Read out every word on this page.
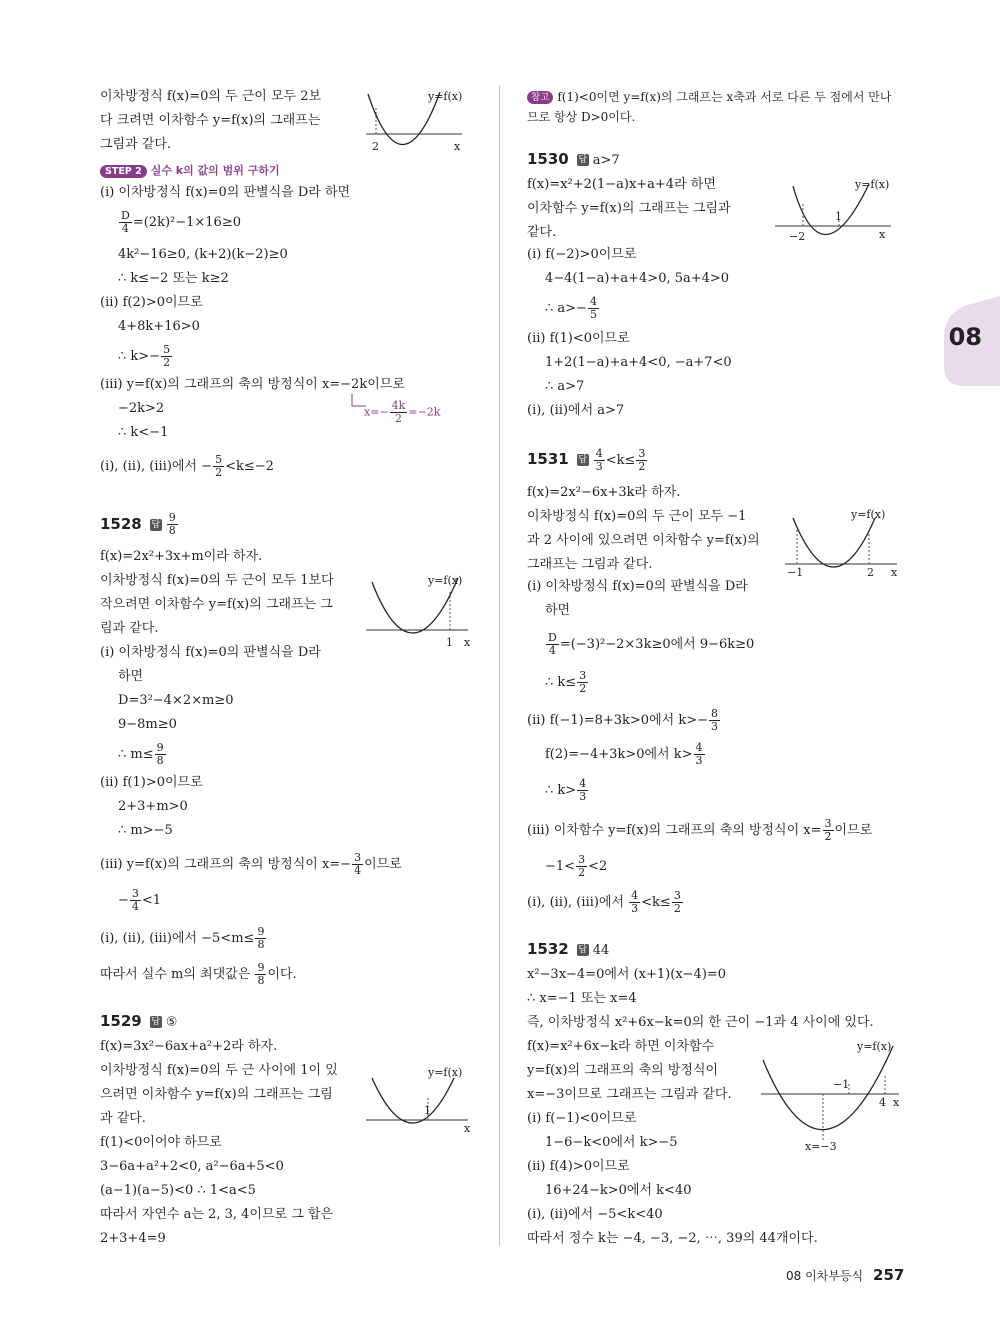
08
이차방정식 f(x)=0의 두 근이 모두 2보
다 크려면 이차함수 y=f(x)의 그래프는
그림과 같다.
y=f(x)
2	x
STEP 2 실수 k의 값의 범위 구하기
(ⅰ) 이차방정식 f(x)=0의 판별식을 D라 하면
$\frac{D}{4} =(2k)^2-1\times 16\ge 0$
4k²−16≥0, (k+2)(k−2)≥0
∴ k≤−2 또는 k≥2
(ⅱ) f(2)>0이므로
4+8k+16>0
∴ $k>- \frac{5}{2}$
(ⅲ) y=f(x)의 그래프의 축의 방정식이 x=−2k이므로
−2k>2	$x=- \frac{4k}{2} =-2k$
∴ k<−1
(ⅰ), (ⅱ), (ⅲ)에서 − $\frac{5}{2} <k\le-2$
1528 답 $\frac{9}{8}$
f(x)=2x²+3x+m이라 하자.
이차방정식 f(x)=0의 두 근이 모두 1보다
작으려면 이차함수 y=f(x)의 그래프는 그
림과 같다.
(ⅰ) 이차방정식 f(x)=0의 판별식을 D라
하면
D=3²−4×2×m≥0
9−8m≥0
∴ $m\le \frac{9}{8}$
(ⅱ) f(1)>0이므로
2+3+m>0
∴ m>−5
(ⅲ) y=f(x)의 그래프의 축의 방정식이 $x=- \frac{3}{4}$ 이므로
− $\frac{3}{4} <1$
(ⅰ), (ⅱ), (ⅲ)에서 $-5<m\le \frac{9}{8}$
따라서 실수 m의 최댓값은 $\frac{9}{8}$ 이다.
y=f(x)
1 x
1529 답 ⑤
f(x)=3x²−6ax+a²+2라 하자.
이차방정식 f(x)=0의 두 근 사이에 1이 있
으려면 이차함수 y=f(x)의 그래프는 그림
과 같다.
f(1)<0이어야 하므로
3−6a+a²+2<0, a²−6a+5<0
(a−1)(a−5)<0 ∴ 1<a<5
따라서 자연수 a는 2, 3, 4이므로 그 합은
2+3+4=9
y=f(x)
1
x
참고 f(1)<0이면 y=f(x)의 그래프는 x축과 서로 다른 두 점에서 만나
므로 항상 D>0이다.
1530 답 a>7
f(x)=x²+2(1−a)x+a+4라 하면
이차함수 y=f(x)의 그래프는 그림과
같다.
(ⅰ) f(−2)>0이므로
4−4(1−a)+a+4>0, 5a+4>0
∴ $a>- \frac{4}{5}$
(ⅱ) f(1)<0이므로
1+2(1−a)+a+4<0, −a+7<0
∴ a>7
(ⅰ), (ⅱ)에서 a>7
y=f(x)
−2
1
x
1531 답 $\frac{4}{3} <k\le \frac{3}{2}$
f(x)=2x²−6x+3k라 하자.
이차방정식 f(x)=0의 두 근이 모두 −1
과 2 사이에 있으려면 이차함수 y=f(x)의
그래프는 그림과 같다.
(ⅰ) 이차방정식 f(x)=0의 판별식을 D라
하면
$\frac{D}{4} =(-3)^2-2\times 3k\ge 0$에서 9−6k≥0
∴ $k\le \frac{3}{2}$
(ⅱ) f(−1)=8+3k>0에서 $k>- \frac{8}{3}$
f(2)=−4+3k>0에서 $k> \frac{4}{3}$
∴ $k> \frac{4}{3}$
(ⅲ) 이차함수 y=f(x)의 그래프의 축의 방정식이 $x= \frac{3}{2}$ 이므로
$-1< \frac{3}{2} <2$
(ⅰ), (ⅱ), (ⅲ)에서 $\frac{4}{3} <k\le \frac{3}{2}$
y=f(x)
−1	2 x
1532 답 44
x²−3x−4=0에서 (x+1)(x−4)=0
∴ x=−1 또는 x=4
즉, 이차방정식 x²+6x−k=0의 한 근이 −1과 4 사이에 있다.
f(x)=x²+6x−k라 하면 이차함수
y=f(x)의 그래프의 축의 방정식이
x=−3이므로 그래프는 그림과 같다.
(ⅰ) f(−1)<0이므로
1−6−k<0에서 k>−5
(ⅱ) f(4)>0이므로
16+24−k>0에서 k<40
(ⅰ), (ⅱ)에서 −5<k<40
따라서 정수 k는 −4, −3, −2, ⋯, 39의 44개이다.
y=f(x)
−1
4 x
x=−3
08 이차부등식 257
